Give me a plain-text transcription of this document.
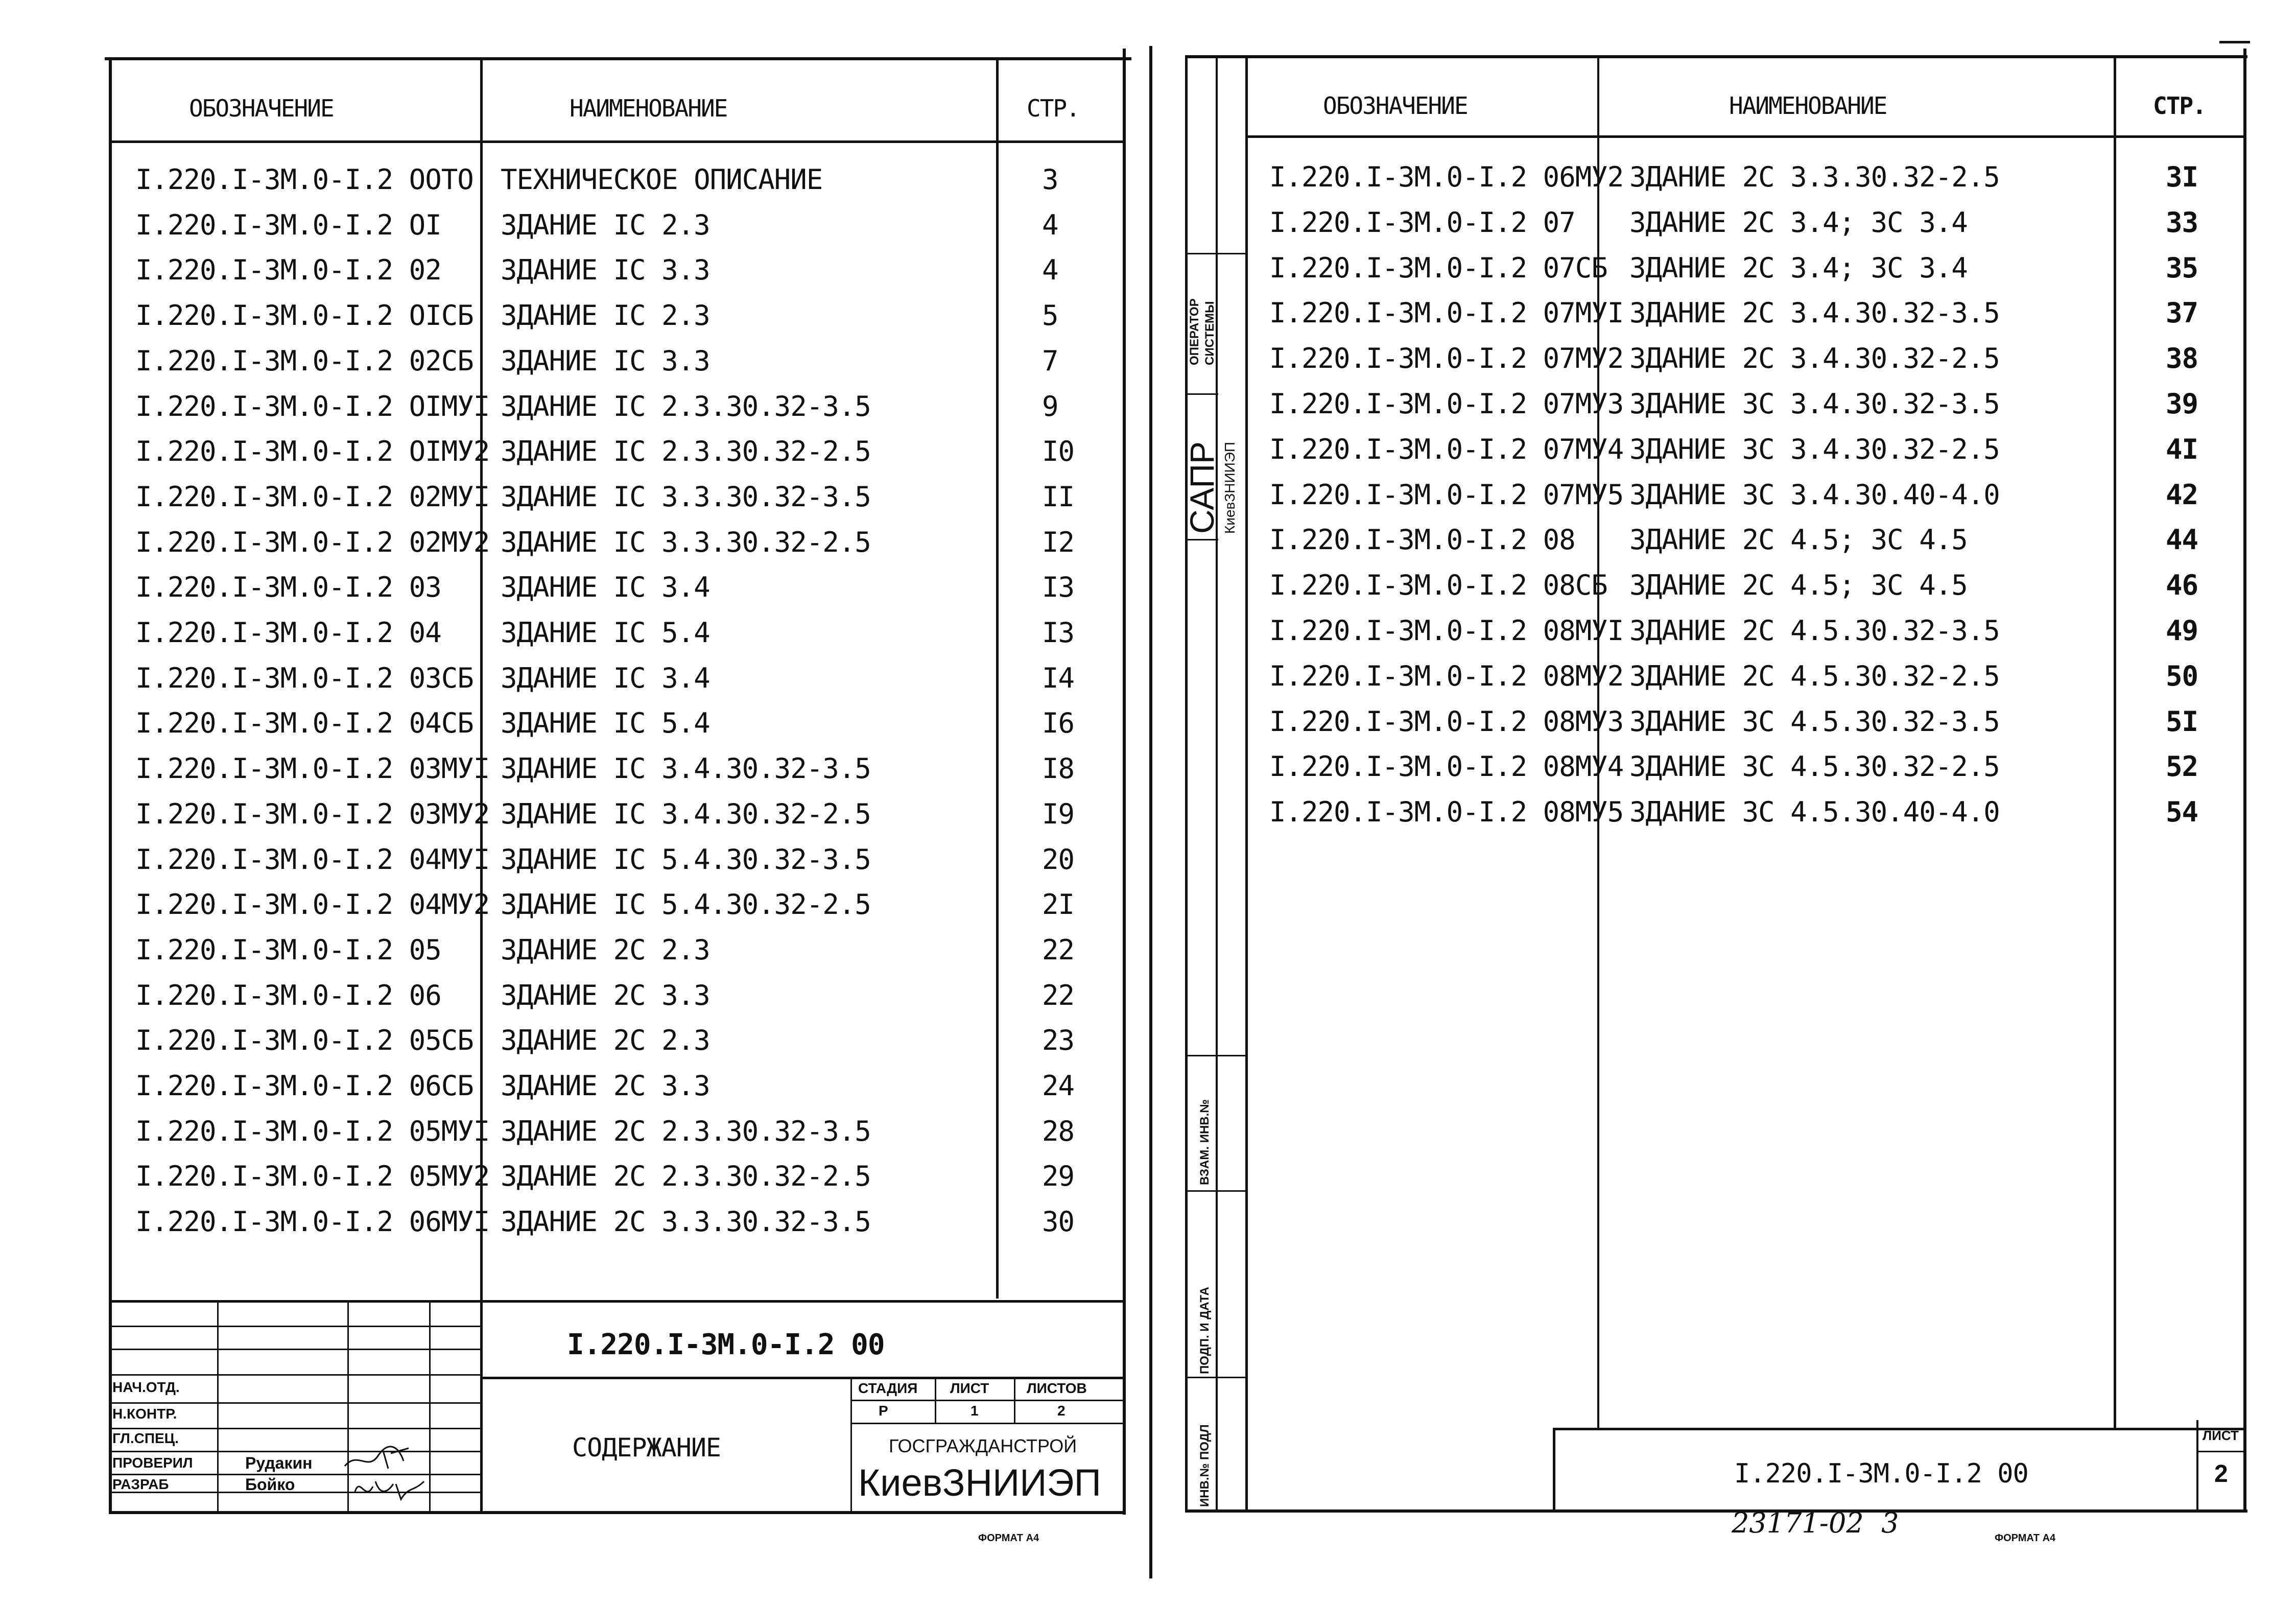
ОБОЗНАЧЕНИЕ	НАИМЕНОВАНИЕ	СТР.
I.220.I-3M.0-I.2 OOTO ТЕХНИЧЕСКОЕ ОПИСАНИЕ	3
I.220.I-3M.0-I.2 OI ЗДАНИЕ IC 2.3	4
I.220.I-3M.0-I.2 02 ЗДАНИЕ IC 3.3	4
I.220.I-3M.0-I.2 OICБ ЗДАНИЕ IC 2.3	5
I.220.I-3M.0-I.2 02CБ ЗДАНИЕ IC 3.3	7
I.220.I-3M.0-I.2 OIMУI ЗДАНИЕ IC 2.3.30.32-3.5	9
I.220.I-3M.0-I.2 OIMУ2 ЗДАНИЕ IC 2.3.30.32-2.5	I0
I.220.I-3M.0-I.2 02MУI ЗДАНИЕ IC 3.3.30.32-3.5	II
I.220.I-3M.0-I.2 02MУ2 ЗДАНИЕ IC 3.3.30.32-2.5	I2
I.220.I-3M.0-I.2 03 ЗДАНИЕ IC 3.4	I3
I.220.I-3M.0-I.2 04 ЗДАНИЕ IC 5.4	I3
I.220.I-3M.0-I.2 03CБ ЗДАНИЕ IC 3.4	I4
I.220.I-3M.0-I.2 04CБ ЗДАНИЕ IC 5.4	I6
I.220.I-3M.0-I.2 03MУI ЗДАНИЕ IC 3.4.30.32-3.5	I8
I.220.I-3M.0-I.2 03MУ2 ЗДАНИЕ IC 3.4.30.32-2.5	I9
I.220.I-3M.0-I.2 04MУI ЗДАНИЕ IC 5.4.30.32-3.5	20
I.220.I-3M.0-I.2 04MУ2 ЗДАНИЕ IC 5.4.30.32-2.5	2I
I.220.I-3M.0-I.2 05 ЗДАНИЕ 2C 2.3	22
I.220.I-3M.0-I.2 06 ЗДАНИЕ 2C 3.3	22
I.220.I-3M.0-I.2 05CБ ЗДАНИЕ 2C 2.3	23
I.220.I-3M.0-I.2 06CБ ЗДАНИЕ 2C 3.3	24
I.220.I-3M.0-I.2 05MУI ЗДАНИЕ 2C 2.3.30.32-3.5	28
I.220.I-3M.0-I.2 05MУ2 ЗДАНИЕ 2C 2.3.30.32-2.5	29
I.220.I-3M.0-I.2 06MУI ЗДАНИЕ 2C 3.3.30.32-3.5	30
НАЧ.ОТД.
Н.КОНТР.
ГЛ.СПЕЦ.
ПРОВЕРИЛ
РАЗРАБ
Рудакин
Бойко
I.220.I-3M.0-I.2 00
СОДЕРЖАНИЕ
СТАДИЯ ЛИСТ	ЛИСТОВ
Р	1	2
ГОСГРАЖДАНСТРОЙ
КиевЗНИИЭП
ФОРМАТ А4
ОПЕРАТОР СИСТЕМЫ
САПР КиевЗНИИЭП
ВЗАМ. ИНВ.№
ПОДП. И ДАТА
ИНВ.№ ПОДЛ
ОБОЗНАЧЕНИЕ	НАИМЕНОВАНИЕ	СТР.
I.220.I-3M.0-I.2 06MУ2 ЗДАНИЕ 2C 3.3.30.32-2.5	3I
I.220.I-3M.0-I.2 07 ЗДАНИЕ 2C 3.4; 3C 3.4	33
I.220.I-3M.0-I.2 07CБ ЗДАНИЕ 2C 3.4; 3C 3.4	35
I.220.I-3M.0-I.2 07MУI ЗДАНИЕ 2C 3.4.30.32-3.5	37
I.220.I-3M.0-I.2 07MУ2 ЗДАНИЕ 2C 3.4.30.32-2.5	38
I.220.I-3M.0-I.2 07MУ3 ЗДАНИЕ 3C 3.4.30.32-3.5	39
I.220.I-3M.0-I.2 07MУ4 ЗДАНИЕ 3C 3.4.30.32-2.5	4I
I.220.I-3M.0-I.2 07MУ5 ЗДАНИЕ 3C 3.4.30.40-4.0	42
I.220.I-3M.0-I.2 08 ЗДАНИЕ 2C 4.5; 3C 4.5	44
I.220.I-3M.0-I.2 08CБ ЗДАНИЕ 2C 4.5; 3C 4.5	46
I.220.I-3M.0-I.2 08MУI ЗДАНИЕ 2C 4.5.30.32-3.5	49
I.220.I-3M.0-I.2 08MУ2 ЗДАНИЕ 2C 4.5.30.32-2.5	50
I.220.I-3M.0-I.2 08MУ3 ЗДАНИЕ 3C 4.5.30.32-3.5	5I
I.220.I-3M.0-I.2 08MУ4 ЗДАНИЕ 3C 4.5.30.32-2.5	52
I.220.I-3M.0-I.2 08MУ5 ЗДАНИЕ 3C 4.5.30.40-4.0	54
I.220.I-3M.0-I.2 00
ЛИСТ
2
23171-02  3	ФОРМАТ А4
